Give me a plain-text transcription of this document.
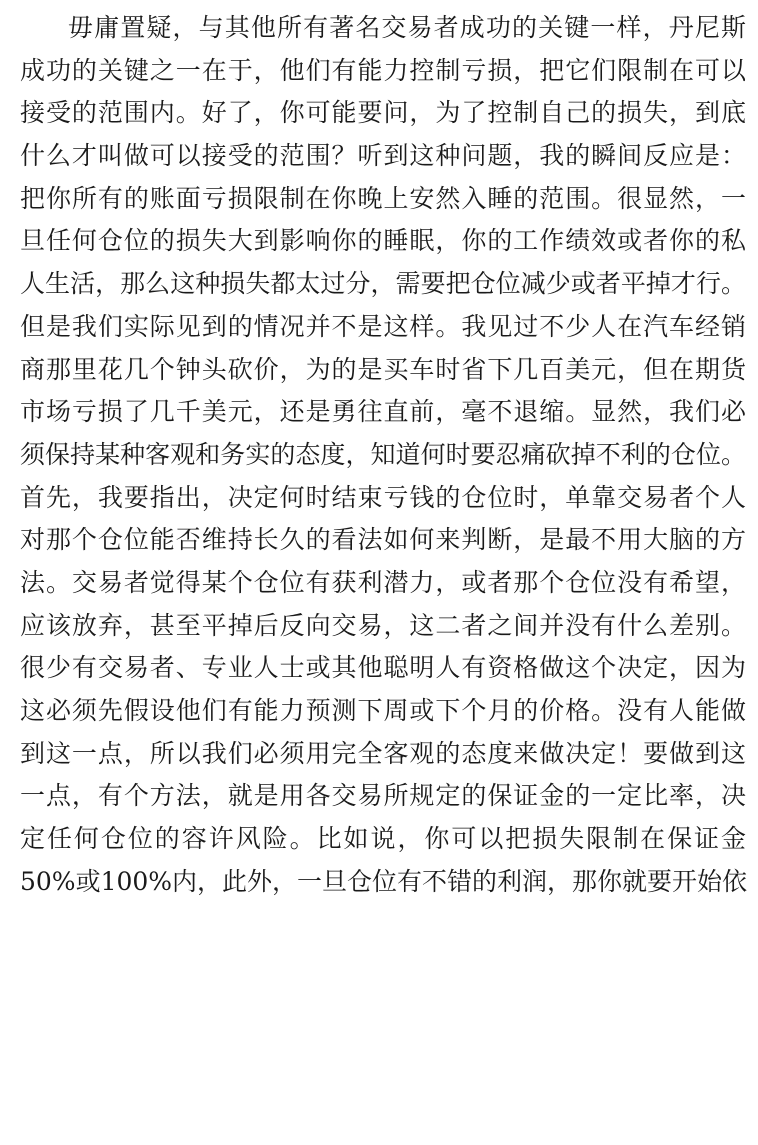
毋庸置疑，与其他所有著名交易者成功的关键一样，丹尼斯
成功的关键之一在于，他们有能力控制亏损，把它们限制在可以
接受的范围内。好了，你可能要问，为了控制自己的损失，到底
什么才叫做可以接受的范围？听到这种问题，我的瞬间反应是：
把你所有的账面亏损限制在你晚上安然入睡的范围。很显然，一
旦任何仓位的损失大到影响你的睡眠，你的工作绩效或者你的私
人生活，那么这种损失都太过分，需要把仓位减少或者平掉才行。
但是我们实际见到的情况并不是这样。我见过不少人在汽车经销
商那里花几个钟头砍价，为的是买车时省下几百美元，但在期货
市场亏损了几千美元，还是勇往直前，毫不退缩。显然，我们必
须保持某种客观和务实的态度，知道何时要忍痛砍掉不利的仓位。
首先，我要指出，决定何时结束亏钱的仓位时，单靠交易者个人
对那个仓位能否维持长久的看法如何来判断，是最不用大脑的方
法。交易者觉得某个仓位有获利潜力，或者那个仓位没有希望，
应该放弃，甚至平掉后反向交易，这二者之间并没有什么差别。
很少有交易者、专业人士或其他聪明人有资格做这个决定，因为
这必须先假设他们有能力预测下周或下个月的价格。没有人能做
到这一点，所以我们必须用完全客观的态度来做决定！要做到这
一点，有个方法，就是用各交易所规定的保证金的一定比率，决
定任何仓位的容许风险。比如说，你可以把损失限制在保证金
50%或100%内，此外，一旦仓位有不错的利润，那你就要开始依
